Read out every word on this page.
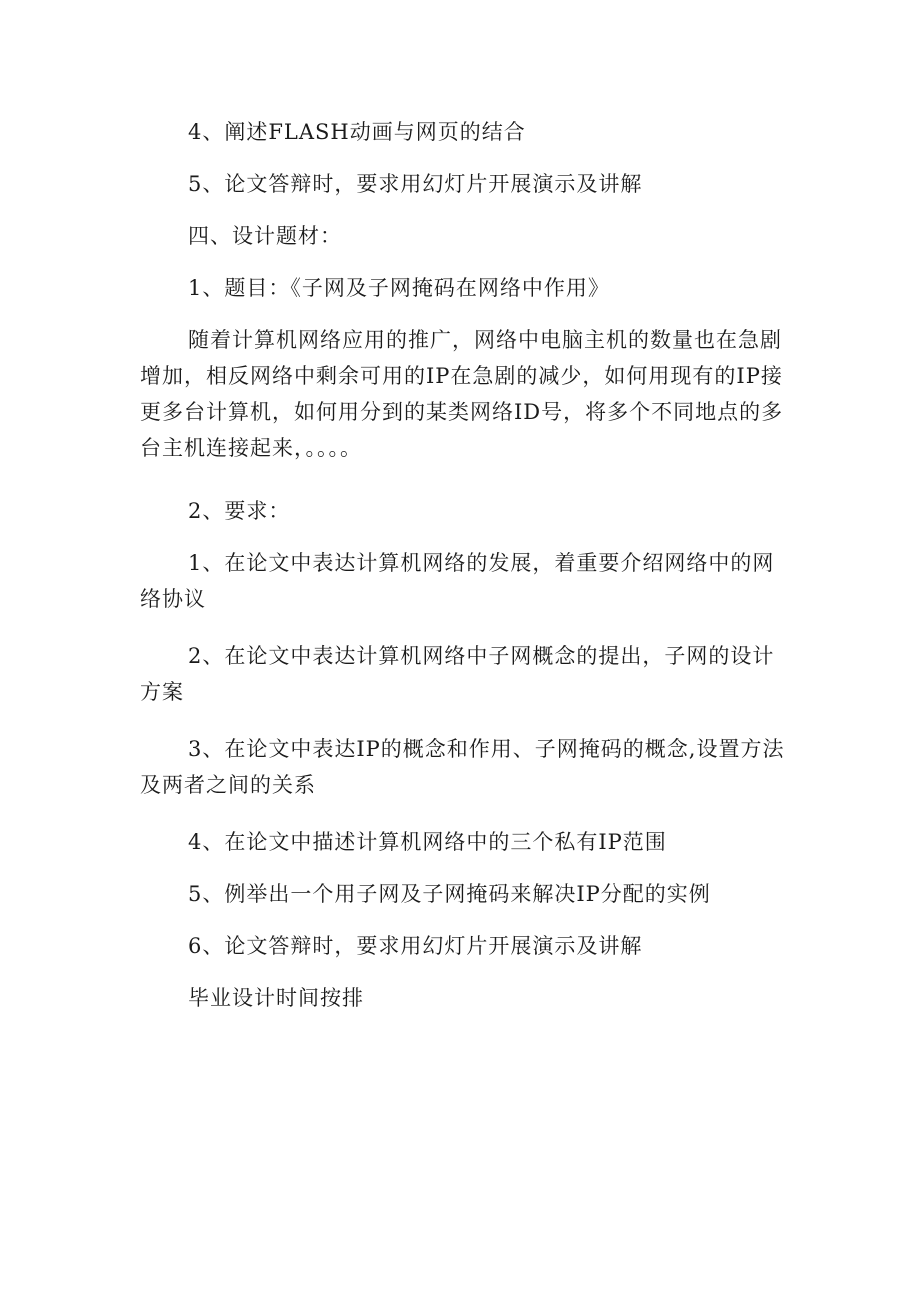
4、阐述FLASH动画与网页的结合

5、论文答辩时，要求用幻灯片开展演示及讲解

四、设计题材：

1、题目：《子网及子网掩码在网络中作用》

随着计算机网络应用的推广，网络中电脑主机的数量也在急剧增加，相反网络中剩余可用的IP在急剧的减少，如何用现有的IP接更多台计算机，如何用分到的某类网络ID号，将多个不同地点的多台主机连接起来，。。。。

2、要求：

1、在论文中表达计算机网络的发展，着重要介绍网络中的网络协议

2、在论文中表达计算机网络中子网概念的提出，子网的设计方案

3、在论文中表达IP的概念和作用、子网掩码的概念,设置方法及两者之间的关系

4、在论文中描述计算机网络中的三个私有IP范围

5、例举出一个用子网及子网掩码来解决IP分配的实例

6、论文答辩时，要求用幻灯片开展演示及讲解

毕业设计时间按排
